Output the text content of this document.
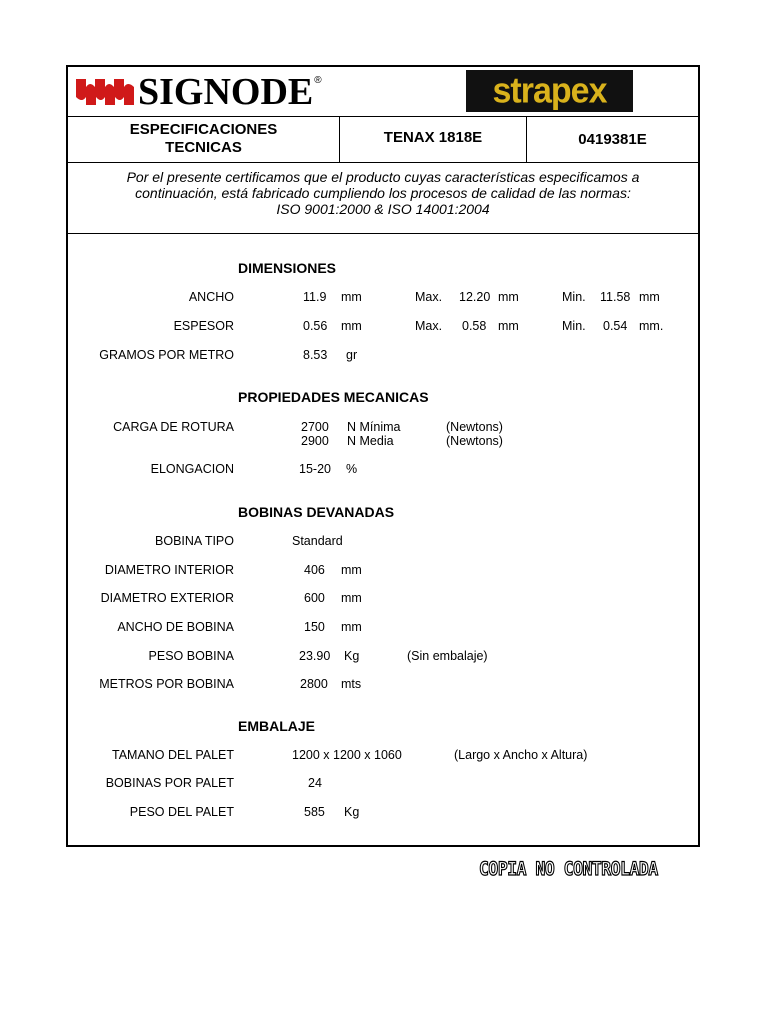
SIGNODE ®	strapex
ESPECIFICACIONES
TECNICAS
TENAX 1818E	0419381E
Por el presente certificamos que el producto cuyas características especificamos a
continuación, está fabricado cumpliendo los procesos de calidad de las normas:
ISO 9001:2000 & ISO 14001:2004
DIMENSIONES
ANCHO	11.9 mm	Max. 12.20 mm	Min. 11.58 mm
ESPESOR	0.56 mm	Max. 0.58 mm	Min. 0.54 mm.
GRAMOS POR METRO	8.53 gr
PROPIEDADES MECANICAS
CARGA DE ROTURA	2700 N Mínima	(Newtons)
2900 N Media	(Newtons)
ELONGACION	15-20 %
BOBINAS DEVANADAS
BOBINA TIPO	Standard
DIAMETRO INTERIOR	406 mm
DIAMETRO EXTERIOR	600 mm
ANCHO DE BOBINA	150 mm
PESO BOBINA	23.90 Kg	(Sin embalaje)
METROS POR BOBINA	2800 mts
EMBALAJE
TAMANO DEL PALET	1200 x 1200 x 1060	(Largo x Ancho x Altura)
BOBINAS POR PALET	24
PESO DEL PALET	585 Kg
COPIA NO CONTROLADA
